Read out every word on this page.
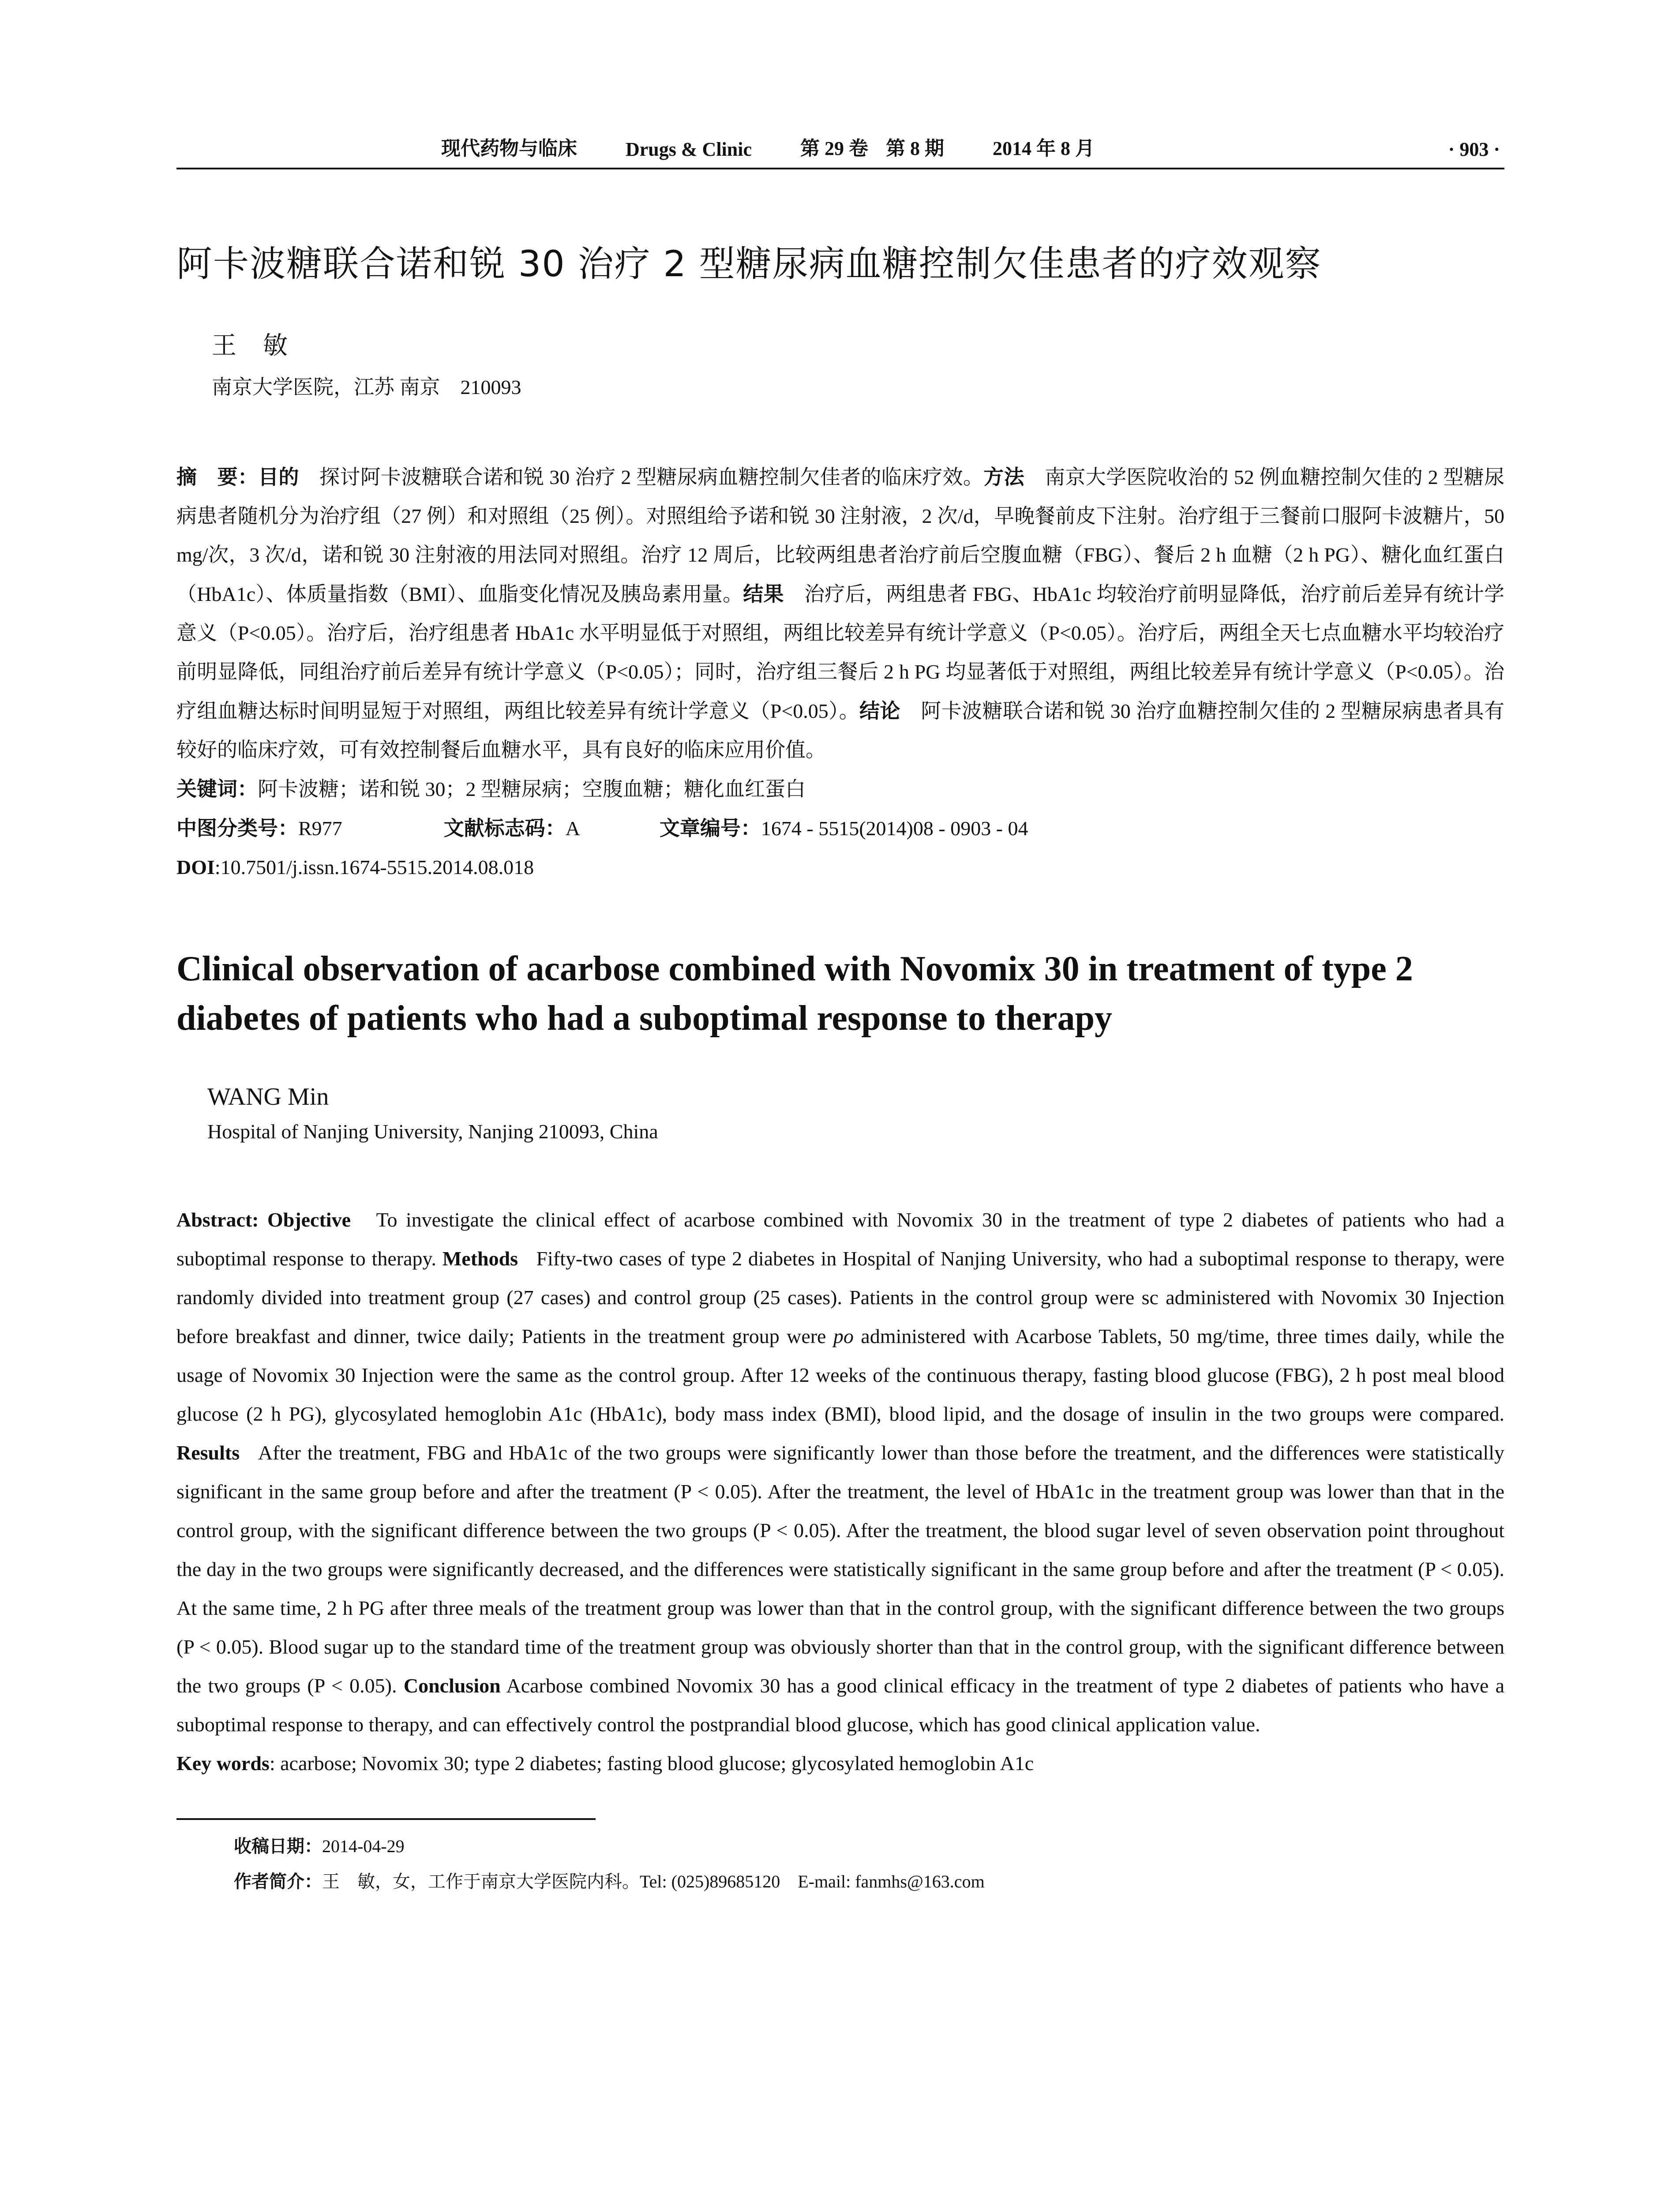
现代药物与临床	Drugs & Clinic	第 29 卷 第 8 期	2014 年 8 月	· 903 ·
阿卡波糖联合诺和锐 30 治疗 2 型糖尿病血糖控制欠佳患者的疗效观察
王敏
南京大学医院，江苏 南京　210093

摘　要：目的　 探讨阿卡波糖联合诺和锐 30 治疗 2 型糖尿病血糖控制欠佳者的临床疗效。方法　 南京大学医院收治的 52 例血糖控制欠佳的 2 型糖尿病患者随机分为治疗组（27 例）和对照组（25 例）。对照组给予诺和锐 30 注射液，2 次/d，早晚餐前皮下注射。治疗组于三餐前口服阿卡波糖片，50 mg/次，3 次/d，诺和锐 30 注射液的用法同对照组。治疗 12 周后，比较两组患者治疗前后空腹血糖（FBG）、餐后 2 h 血糖（2 h PG）、糖化血红蛋白（HbA1c）、体质量指数（BMI）、血脂变化情况及胰岛素用量。结果　 治疗后，两组患者 FBG、HbA1c 均较治疗前明显降低，治疗前后差异有统计学意义（P<0.05）。治疗后，治疗组患者 HbA1c 水平明显低于对照组，两组比较差异有统计学意义（P<0.05）。治疗后，两组全天七点血糖水平均较治疗前明显降低，同组治疗前后差异有统计学意义（P<0.05）；同时，治疗组三餐后 2 h PG 均显著低于对照组，两组比较差异有统计学意义（P<0.05）。治疗组血糖达标时间明显短于对照组，两组比较差异有统计学意义（P<0.05）。结论　 阿卡波糖联合诺和锐 30 治疗血糖控制欠佳的 2 型糖尿病患者具有较好的临床疗效，可有效控制餐后血糖水平，具有良好的临床应用价值。

关键词：阿卡波糖；诺和锐 30；2 型糖尿病；空腹血糖；糖化血红蛋白
中图分类号：R977	文献标志码：A	文章编号：1674 - 5515(2014)08 - 0903 - 04
DOI:10.7501/j.issn.1674-5515.2014.08.018
Clinical observation of acarbose combined with Novomix 30 in treatment of type 2 diabetes of patients who had a suboptimal response to therapy
WANG Min
Hospital of Nanjing University, Nanjing 210093, China

Abstract: Objective To investigate the clinical effect of acarbose combined with Novomix 30 in the treatment of type 2 diabetes of patients who had a suboptimal response to therapy. Methods Fifty-two cases of type 2 diabetes in Hospital of Nanjing University, who had a suboptimal response to therapy, were randomly divided into treatment group (27 cases) and control group (25 cases). Patients in the control group were sc administered with Novomix 30 Injection before breakfast and dinner, twice daily; Patients in the treatment group were po administered with Acarbose Tablets, 50 mg/time, three times daily, while the usage of Novomix 30 Injection were the same as the control group. After 12 weeks of the continuous therapy, fasting blood glucose (FBG), 2 h post meal blood glucose (2 h PG), glycosylated hemoglobin A1c (HbA1c), body mass index (BMI), blood lipid, and the dosage of insulin in the two groups were compared. Results After the treatment, FBG and HbA1c of the two groups were significantly lower than those before the treatment, and the differences were statistically significant in the same group before and after the treatment (P < 0.05). After the treatment, the level of HbA1c in the treatment group was lower than that in the control group, with the significant difference between the two groups (P < 0.05). After the treatment, the blood sugar level of seven observation point throughout the day in the two groups were significantly decreased, and the differences were statistically significant in the same group before and after the treatment (P < 0.05). At the same time, 2 h PG after three meals of the treatment group was lower than that in the control group, with the significant difference between the two groups (P < 0.05). Blood sugar up to the standard time of the treatment group was obviously shorter than that in the control group, with the significant difference between the two groups (P < 0.05). Conclusion Acarbose combined Novomix 30 has a good clinical efficacy in the treatment of type 2 diabetes of patients who have a suboptimal response to therapy, and can effectively control the postprandial blood glucose, which has good clinical application value.

Key words: acarbose; Novomix 30; type 2 diabetes; fasting blood glucose; glycosylated hemoglobin A1c
收稿日期：2014-04-29
作者简介：王　敏，女，工作于南京大学医院内科。Tel: (025)89685120　E-mail: fanmhs@163.com
